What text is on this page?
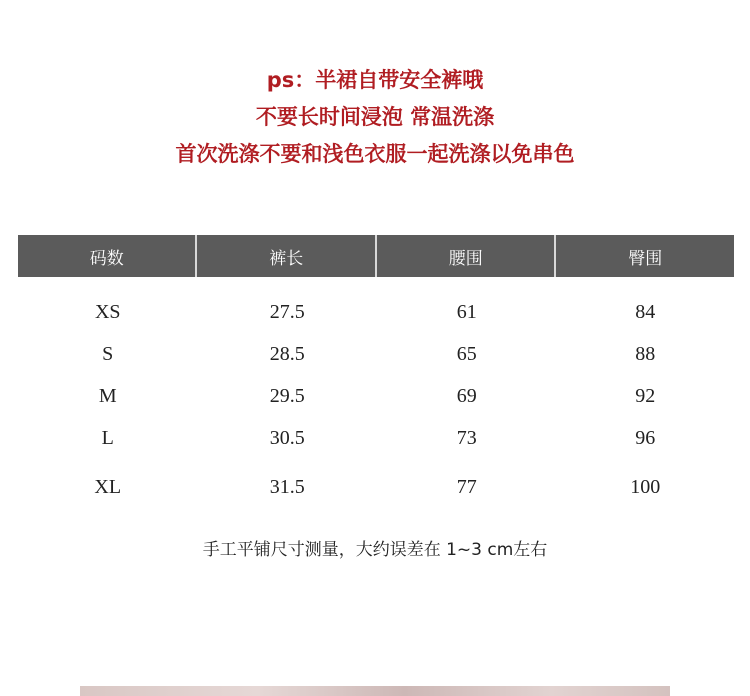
ps：半裙自带安全裤哦
不要长时间浸泡 常温洗涤
首次洗涤不要和浅色衣服一起洗涤以免串色
码数	裤长	腰围	臀围
XS	27.5	61	84
S	28.5	65	88
M	29.5	69	92
L	30.5	73	96
XL	31.5	77	100
手工平铺尺寸测量，大约误差在 1~3 cm左右
